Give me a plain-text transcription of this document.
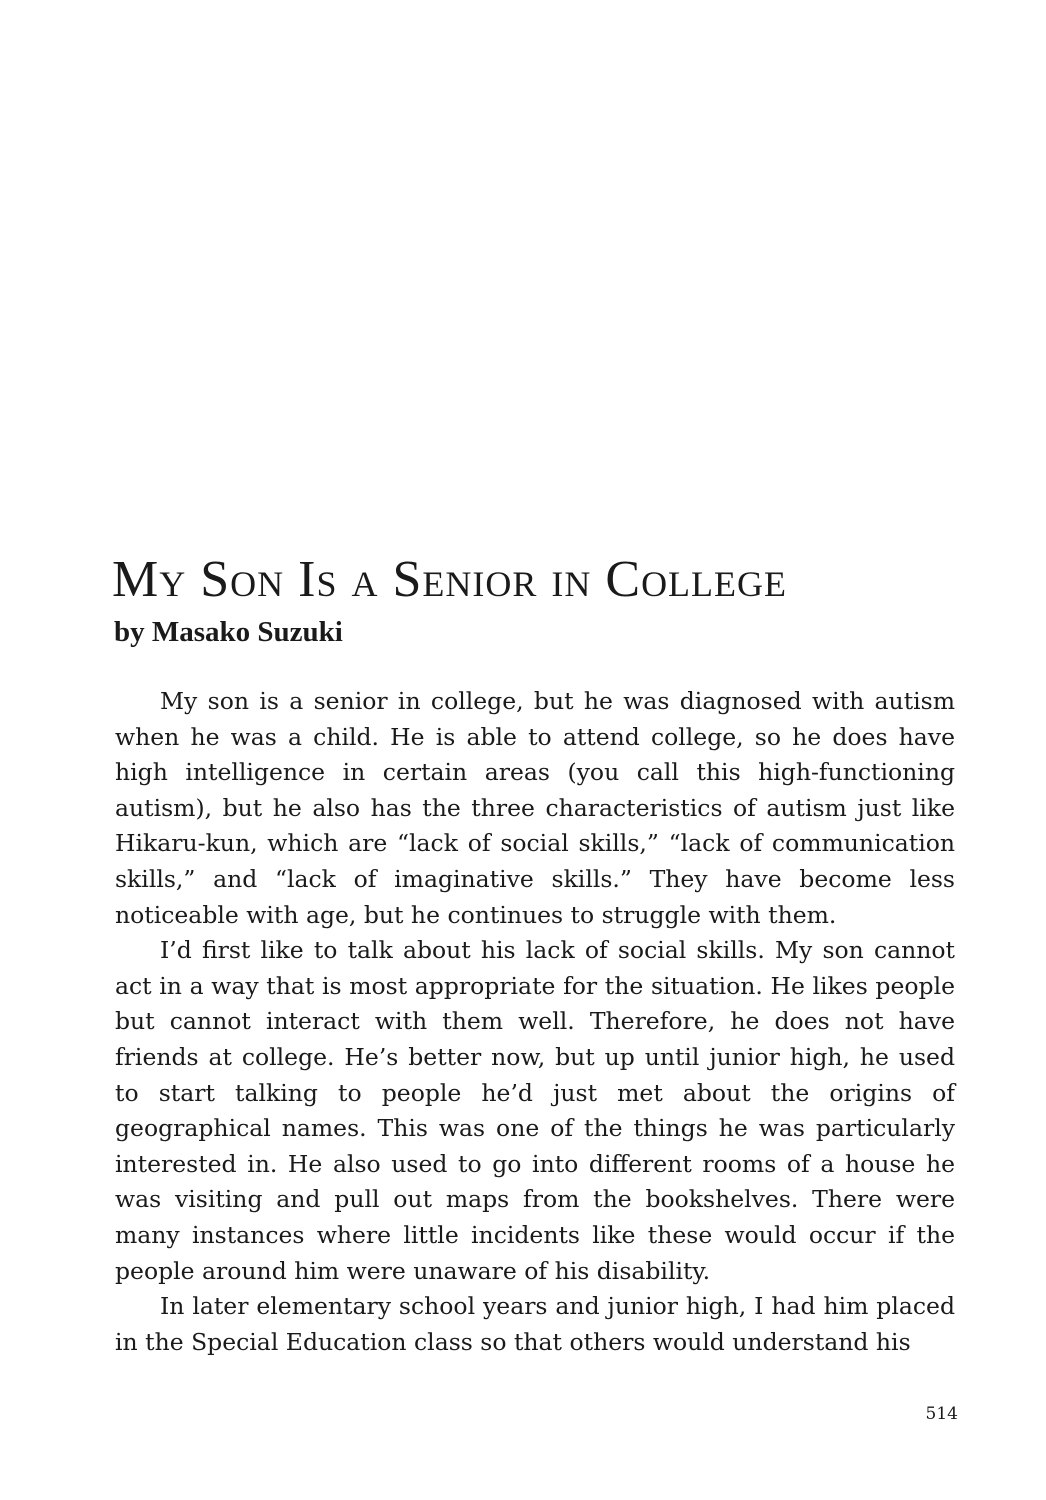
My Son Is a Senior in College
by Masako Suzuki

My son is a senior in college, but he was diagnosed with autism when he was a child. He is able to attend college, so he does have high intelligence in certain areas (you call this high-functioning autism), but he also has the three characteristics of autism just like Hikaru-kun, which are “lack of social skills,” “lack of communication skills,” and “lack of imaginative skills.” They have become less noticeable with age, but he continues to struggle with them.

I’d first like to talk about his lack of social skills. My son cannot act in a way that is most appropriate for the situation. He likes people but cannot interact with them well. Therefore, he does not have friends at college. He’s better now, but up until junior high, he used to start talking to people he’d just met about the origins of geographical names. This was one of the things he was particularly interested in. He also used to go into different rooms of a house he was visiting and pull out maps from the bookshelves. There were many instances where little incidents like these would occur if the people around him were unaware of his disability.

In later elementary school years and junior high, I had him placed in the Special Education class so that others would understand his

514
